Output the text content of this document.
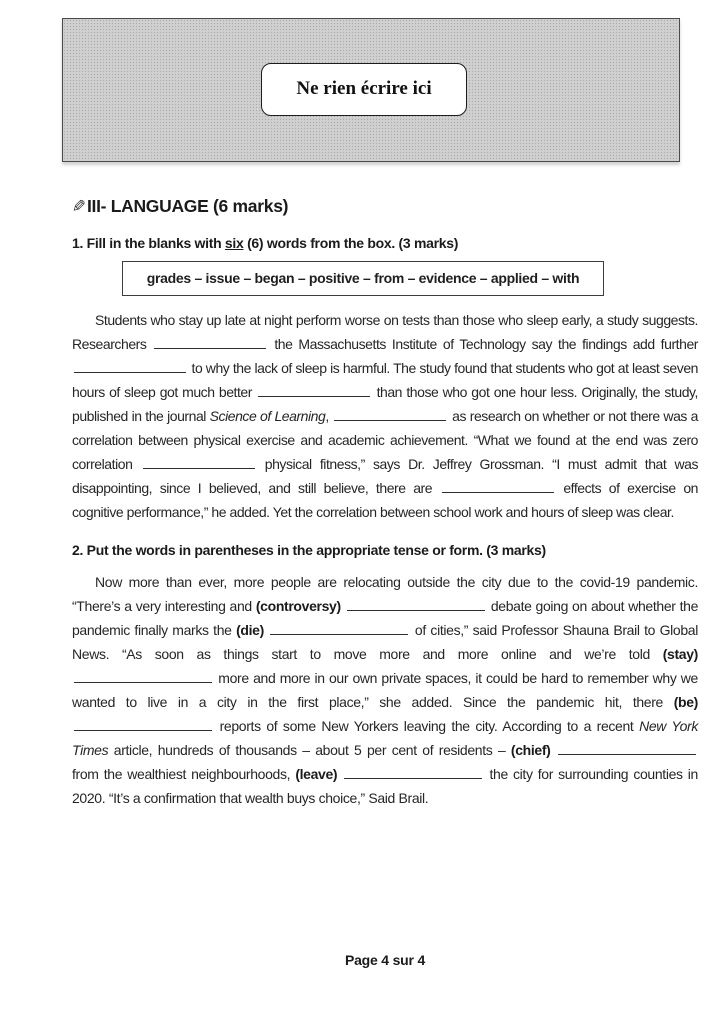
Ne rien écrire ici
✎ III- LANGUAGE (6 marks)
1. Fill in the blanks with six (6) words from the box. (3 marks)
grades – issue – began – positive – from – evidence – applied – with
Students who stay up late at night perform worse on tests than those who sleep early, a study suggests. Researchers	the Massachusetts Institute of Technology say the findings add further  to why the lack of sleep is harmful. The study found that students who got at least seven hours of sleep got much better	than those who got one hour less. Originally, the study, published in the journal Science of Learning,	as research on whether or not there was a correlation between physical exercise and academic achievement. “What we found at the end was zero correlation	physical fitness,” says Dr. Jeffrey Grossman. “I must admit that was disappointing, since I believed, and still believe, there are	effects of exercise on cognitive performance,” he added. Yet the correlation between school work and hours of sleep was clear.
2. Put the words in parentheses in the appropriate tense or form. (3 marks)
Now more than ever, more people are relocating outside the city due to the covid-19 pandemic. “There’s a very interesting and (controversy)	debate going on about whether the pandemic finally marks the (die)	of cities,” said Professor Shauna Brail to Global News. “As soon as things start to move more and more online and we’re told (stay)  more and more in our own private spaces, it could be hard to remember why we wanted to live in a city in the first place,” she added. Since the pandemic hit, there (be)  reports of some New Yorkers leaving the city. According to a recent New York Times article, hundreds of thousands – about 5 per cent of residents – (chief)  from the wealthiest neighbourhoods, (leave)	the city for surrounding counties in 2020. “It’s a confirmation that wealth buys choice,” Said Brail.
Page 4 sur 4
